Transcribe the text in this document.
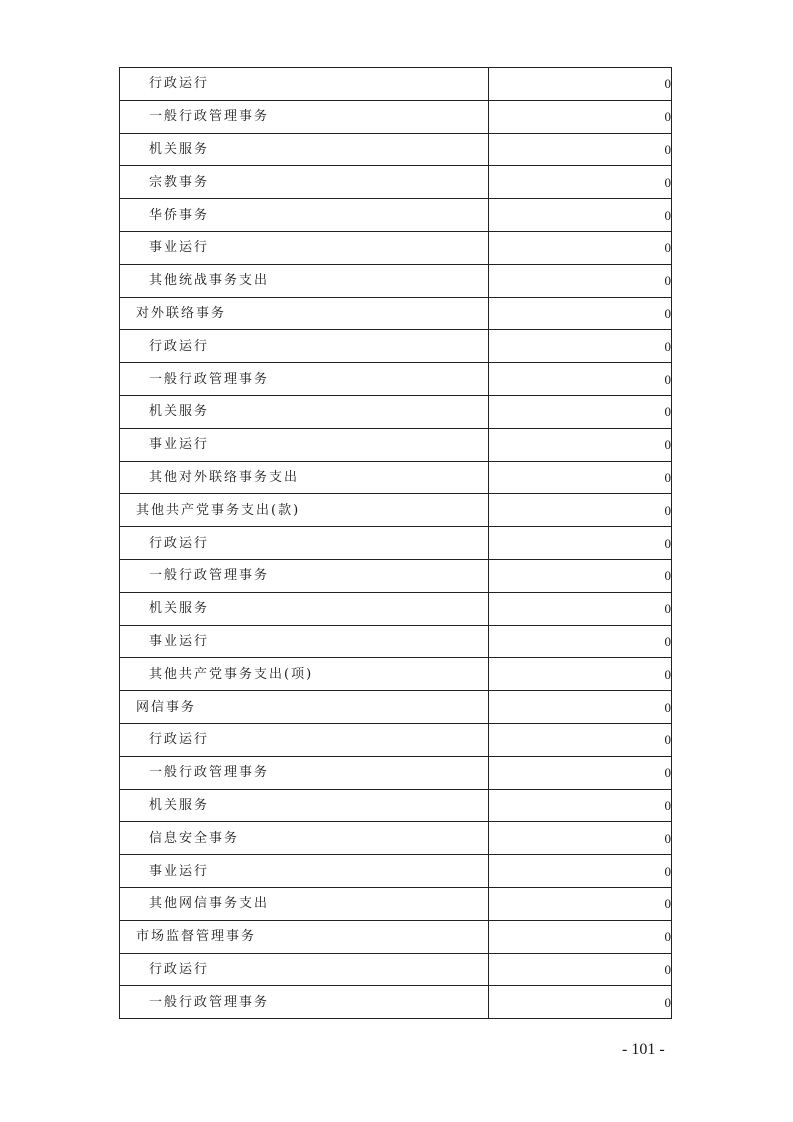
行政运行	0
一般行政管理事务	0
机关服务	0
宗教事务	0
华侨事务	0
事业运行	0
其他统战事务支出	0
对外联络事务	0
行政运行	0
一般行政管理事务	0
机关服务	0
事业运行	0
其他对外联络事务支出	0
其他共产党事务支出(款)	0
行政运行	0
一般行政管理事务	0
机关服务	0
事业运行	0
其他共产党事务支出(项)	0
网信事务	0
行政运行	0
一般行政管理事务	0
机关服务	0
信息安全事务	0
事业运行	0
其他网信事务支出	0
市场监督管理事务	0
行政运行	0
一般行政管理事务	0
- 101 -
